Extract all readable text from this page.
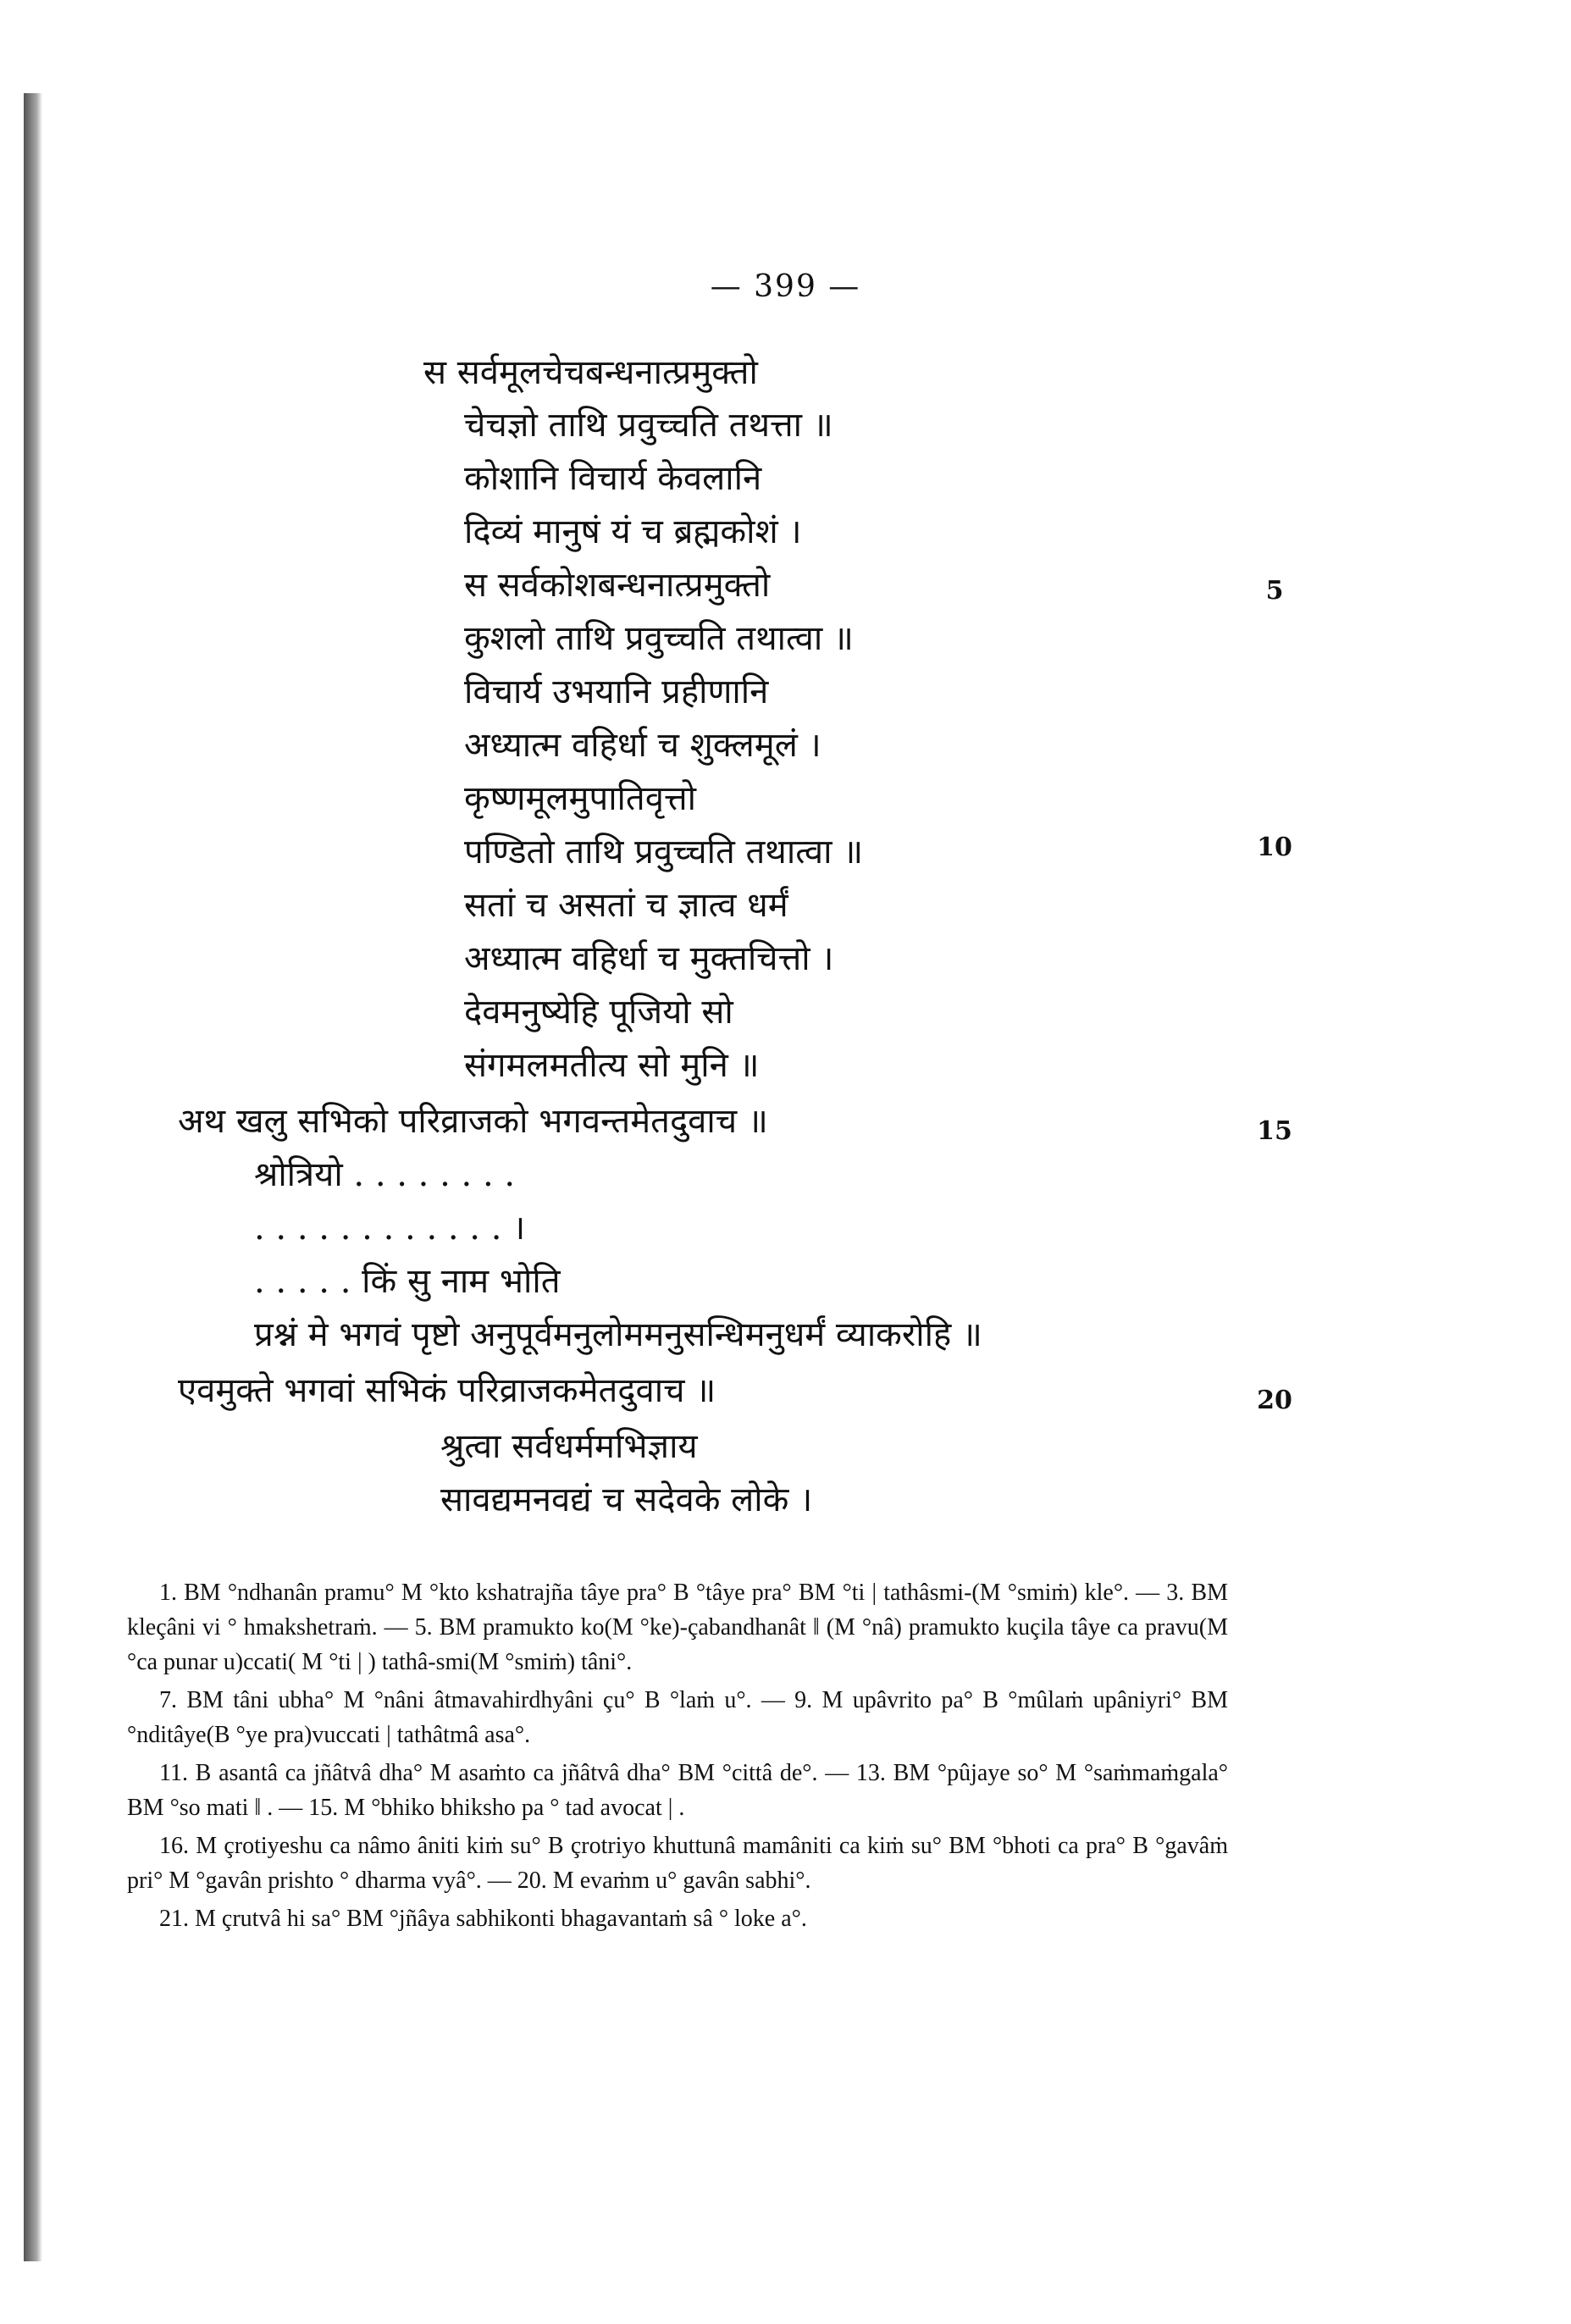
— 399 —
स सर्वमूलचेचबन्धनात्प्रमुक्तो
चेचज्ञो ताथि प्रवुच्चति तथत्ता ॥
कोशानि विचार्य केवलानि
दिव्यं मानुषं यं च ब्रह्मकोशं ।
स सर्वकोशबन्धनात्प्रमुक्तो
कुशलो ताथि प्रवुच्चति तथात्वा ॥
विचार्य उभयानि प्रहीणानि
अध्यात्म वहिर्धा च शुक्लमूलं ।
कृष्णमूलमुपातिवृत्तो
पण्डितो ताथि प्रवुच्चति तथात्वा ॥
सतां च असतां च ज्ञात्व धर्मं
अध्यात्म वहिर्धा च मुक्तचित्तो ।
देवमनुष्येहि पूजियो सो
संगमलमतीत्य सो मुनि ॥
अथ खलु सभिको परिव्राजको भगवन्तमेतदुवाच ॥
श्रोत्रियो . . . . . . . .
. . . . . . . . . . . . ।
. . . . . किं सु नाम भोति
प्रश्नं मे भगवं पृष्टो अनुपूर्वमनुलोममनुसन्धिमनुधर्मं व्याकरोहि ॥
एवमुक्ते भगवां सभिकं परिव्राजकमेतदुवाच ॥
श्रुत्वा सर्वधर्ममभिज्ञाय
सावद्यमनवद्यं च सदेवके लोके ।
5
10
15
20

1. BM °ndhanân pramu° M °kto kshatrajña tâye pra° B °tâye pra° BM °ti | tathâsmi-(M °smiṁ) kle°. — 3. BM kleçâni vi ° hmakshetraṁ. — 5. BM pramukto ko(M °ke)-çabandhanât ‖ (M °nâ) pramukto kuçila tâye ca pravu(M °ca punar u)ccati( M °ti | ) tathâ-smi(M °smiṁ) tâni°.

7. BM tâni ubha° M °nâni âtmavahirdhyâni çu° B °laṁ u°. — 9. M upâvrito pa° B °mûlaṁ upâniyri° BM °nditâye(B °ye pra)vuccati | tathâtmâ asa°.

11. B asantâ ca jñâtvâ dha° M asaṁto ca jñâtvâ dha° BM °cittâ de°. — 13. BM °pûjaye so° M °saṁmaṁgala° BM °so mati ‖ . — 15. M °bhiko bhiksho pa ° tad avocat | .

16. M çrotiyeshu ca nâmo âniti kiṁ su° B çrotriyo khuttunâ mamâniti ca kiṁ su° BM °bhoti ca pra° B °gavâṁ pri° M °gavân prishto ° dharma vyâ°. — 20. M evaṁm u° gavân sabhi°.

21. M çrutvâ hi sa° BM °jñâya sabhikonti bhagavantaṁ sâ ° loke a°.
